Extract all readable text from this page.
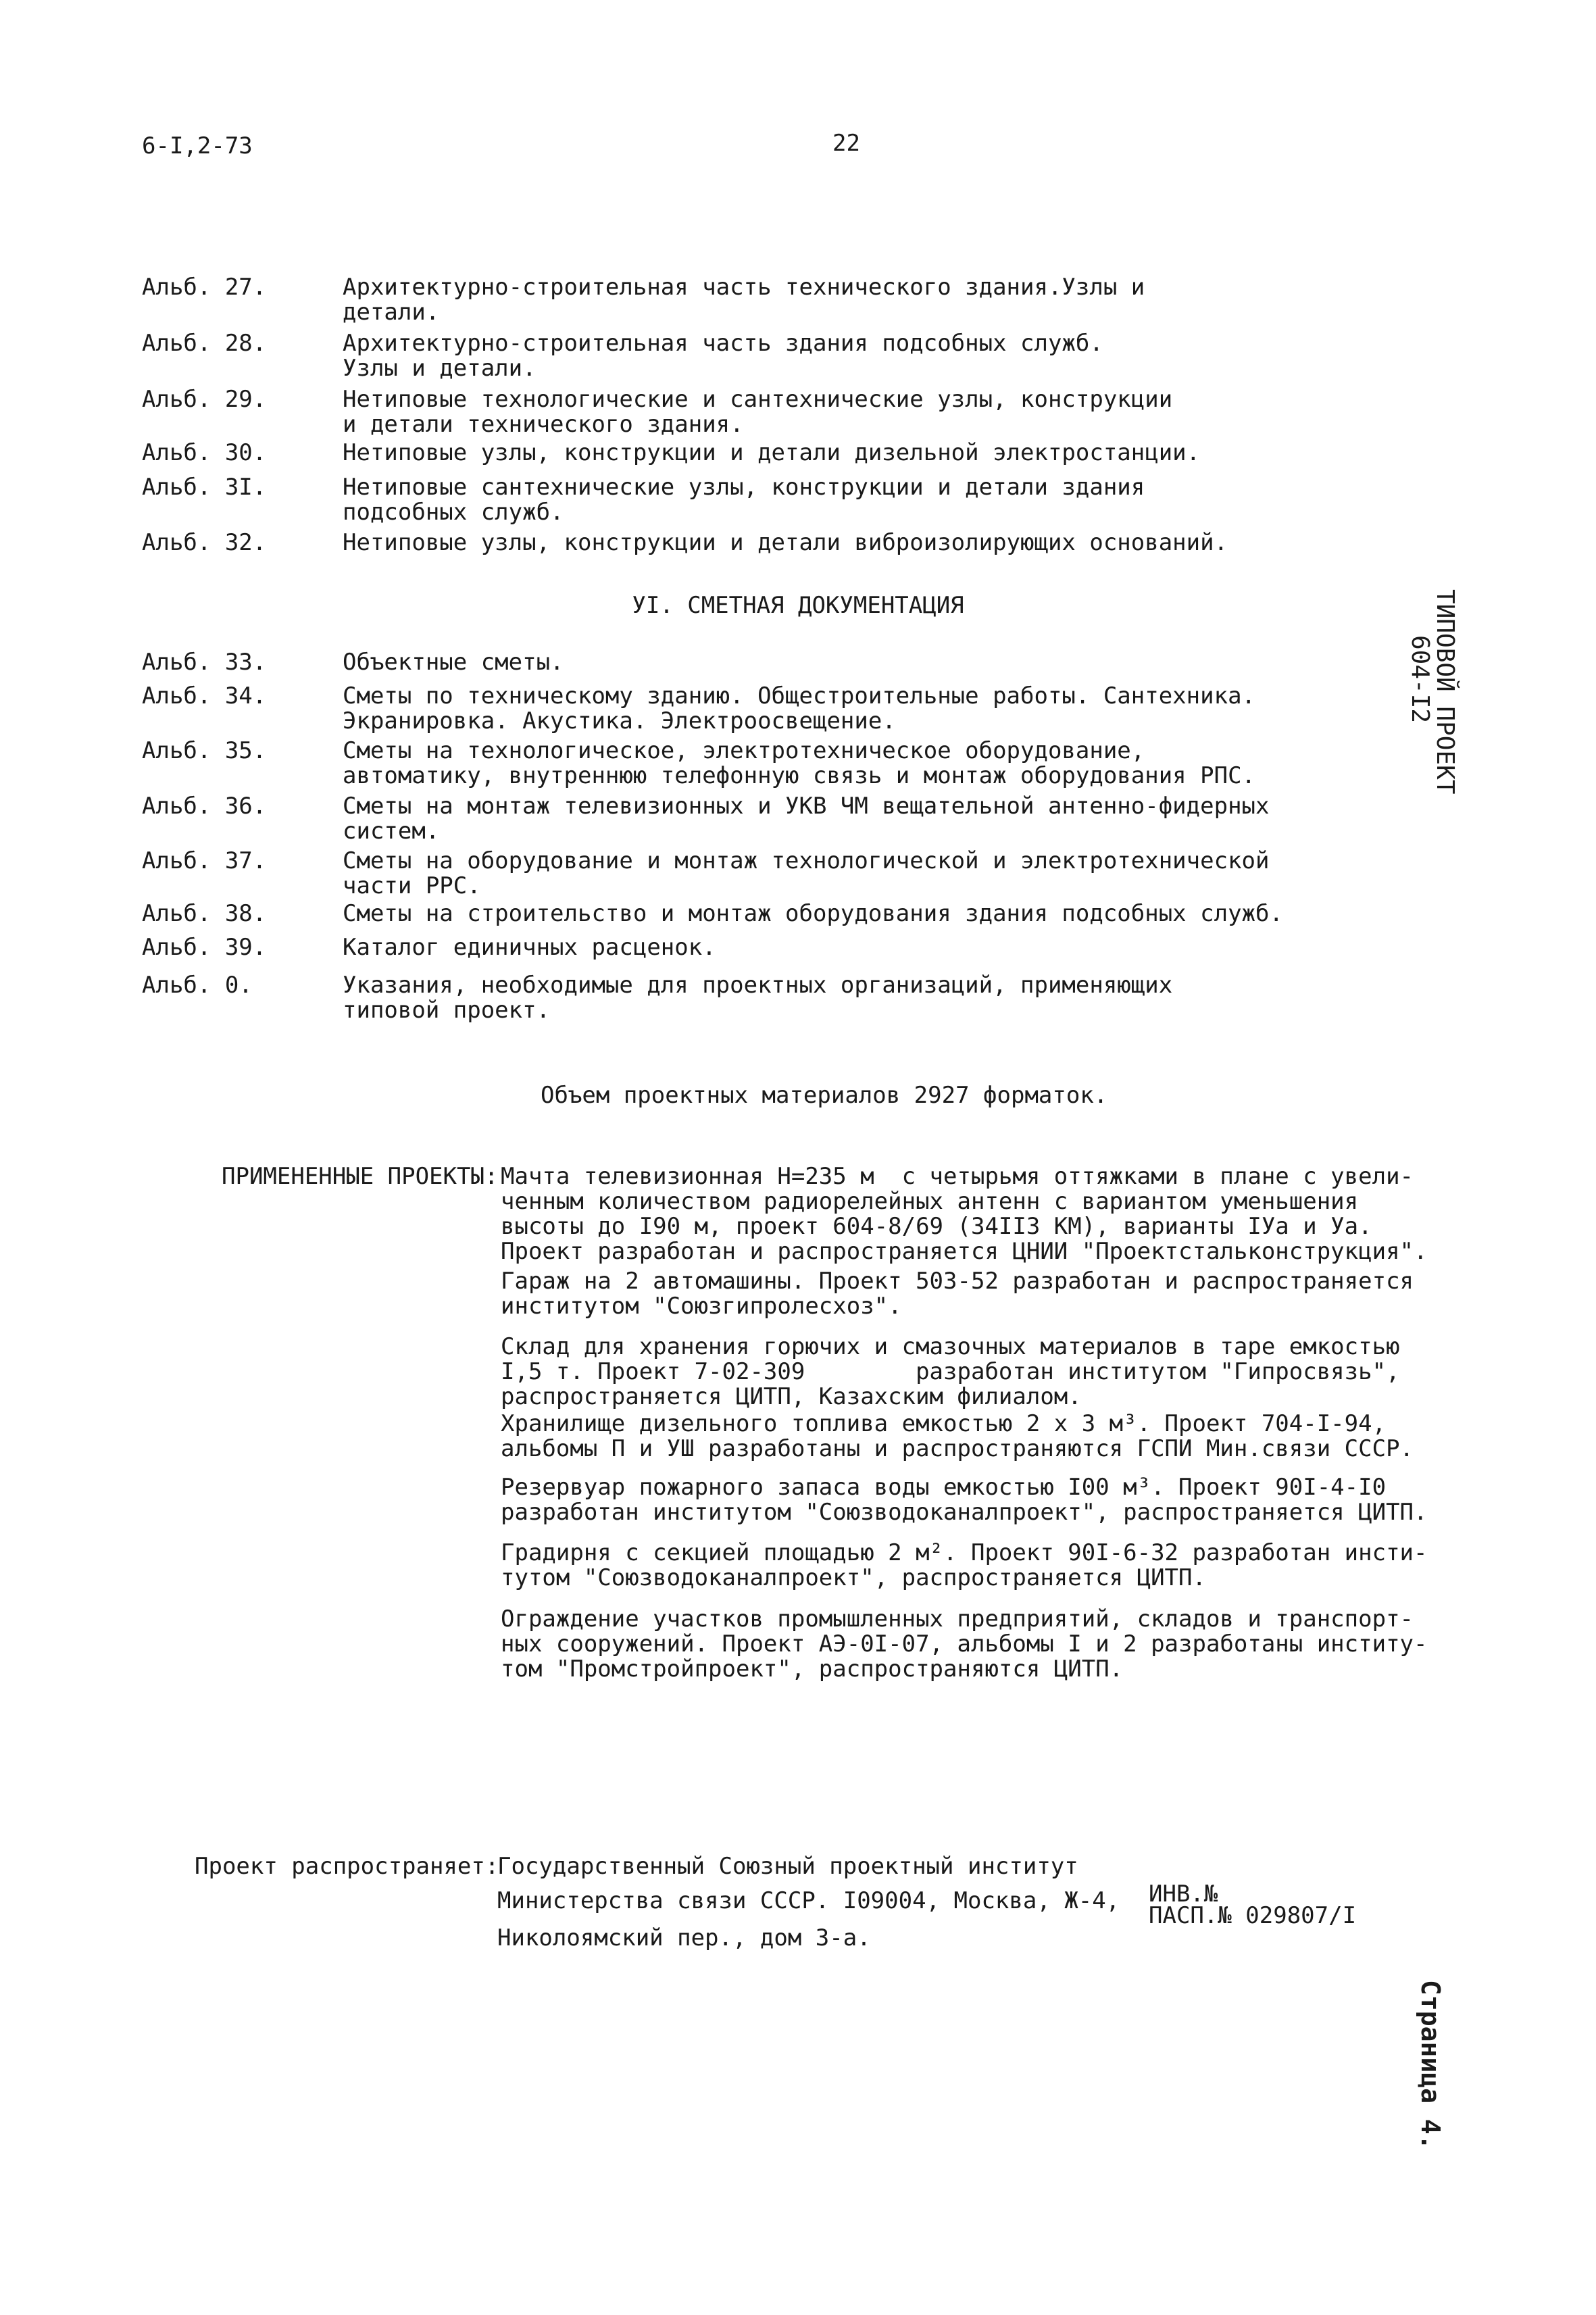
6-I,2-73	22
Альб. 27.	Архитектурно-строительная часть технического здания.Узлы и
детали.
Альб. 28.	Архитектурно-строительная часть здания подсобных служб.
Узлы и детали.
Альб. 29.	Нетиповые технологические и сантехнические узлы, конструкции
и детали технического здания.
Альб. 30.	Нетиповые узлы, конструкции и детали дизельной электростанции.
Альб. 3I.	Нетиповые сантехнические узлы, конструкции и детали здания
подсобных служб.
Альб. 32.	Нетиповые узлы, конструкции и детали виброизолирующих оснований.
УI. СМЕТНАЯ ДОКУМЕНТАЦИЯ
Альб. 33.	Объектные сметы.
Альб. 34.	Сметы по техническому зданию. Общестроительные работы. Сантехника.
Экранировка. Акустика. Электроосвещение.
Альб. 35.	Сметы на технологическое, электротехническое оборудование,
автоматику, внутреннюю телефонную связь и монтаж оборудования РПС.
Альб. 36.	Сметы на монтаж телевизионных и УКВ ЧМ вещательной антенно-фидерных
систем.
Альб. 37.	Сметы на оборудование и монтаж технологической и электротехнической
части РРС.
Альб. 38.	Сметы на строительство и монтаж оборудования здания подсобных служб.
Альб. 39.	Каталог единичных расценок.
Альб. 0.	Указания, необходимые для проектных организаций, применяющих
типовой проект.
Объем проектных материалов 2927 форматок.
ПРИМЕНЕННЫЕ ПРОЕКТЫ: Мачта телевизионная Н=235 м  с четырьмя оттяжками в плане с увели-
ченным количеством радиорелейных антенн с вариантом уменьшения
высоты до I90 м, проект 604-8/69 (34II3 КМ), варианты IУа и Уа.
Проект разработан и распространяется ЦНИИ "Проектстальконструкция".
Гараж на 2 автомашины. Проект 503-52 разработан и распространяется
институтом "Союзгипролесхоз".
Склад для хранения горючих и смазочных материалов в таре емкостью
I,5 т. Проект 7-02-309        разработан институтом "Гипросвязь",
распространяется ЦИТП, Казахским филиалом.
Хранилище дизельного топлива емкостью 2 х 3 м³. Проект 704-I-94,
альбомы П и УШ разработаны и распространяются ГСПИ Мин.связи СССР.
Резервуар пожарного запаса воды емкостью I00 м³. Проект 90I-4-I0
разработан институтом "Союзводоканалпроект", распространяется ЦИТП.
Градирня с секцией площадью 2 м². Проект 90I-6-32 разработан инсти-
тутом "Союзводоканалпроект", распространяется ЦИТП.
Ограждение участков промышленных предприятий, складов и транспорт-
ных сооружений. Проект АЭ-0I-07, альбомы I и 2 разработаны институ-
том "Промстройпроект", распространяются ЦИТП.
Проект распространяет:
Государственный Союзный проектный институт
Министерства связи СССР. I09004, Москва, Ж-4,
Николоямский пер., дом 3-а.
ИНВ.№
ПАСП.№ 029807/I
ТИПОВОЙ ПРОЕКТ
604-I2
Страница 4.
